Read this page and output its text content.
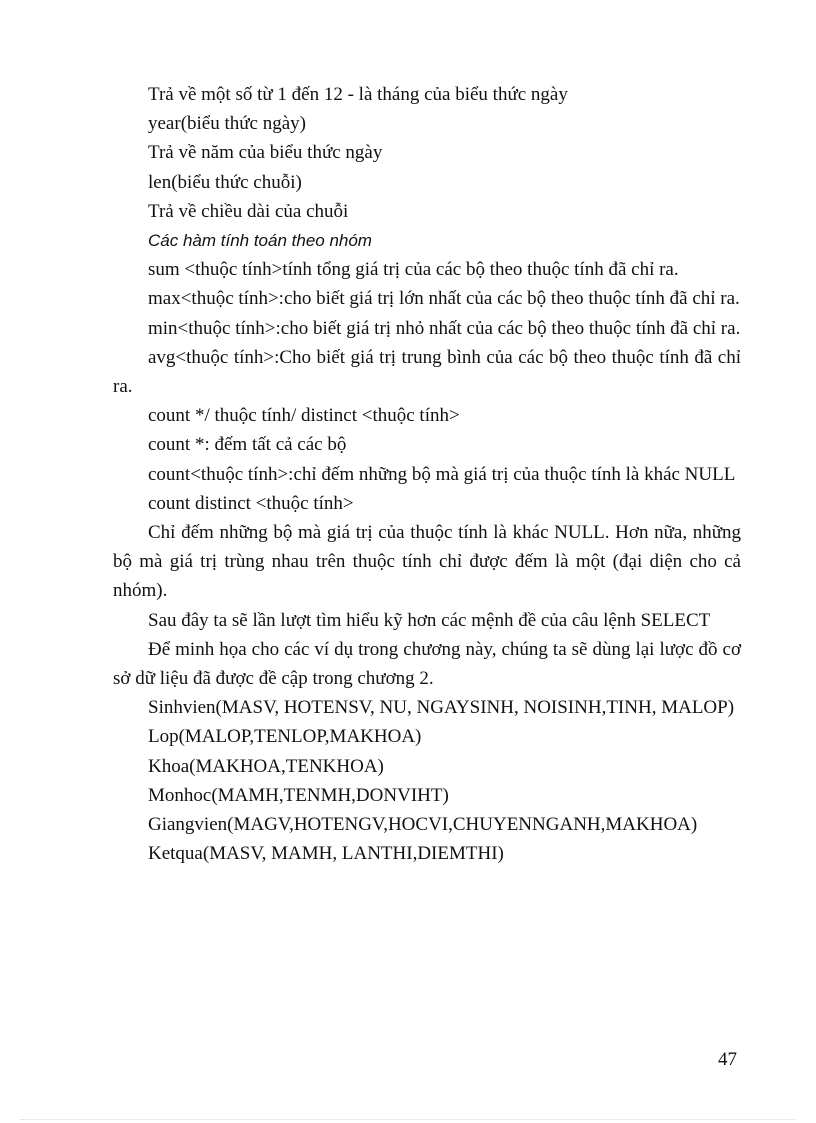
Trả về một số từ 1 đến 12 - là tháng của biểu thức ngày

year(biểu thức ngày)

Trả về năm của biểu thức ngày

len(biểu thức chuỗi)

Trả về chiều dài của chuỗi

Các hàm tính toán theo nhóm

sum <thuộc tính>tính tổng giá trị của các bộ theo thuộc tính đã chỉ ra.

max<thuộc tính>:cho biết giá trị lớn nhất của các bộ theo thuộc tính đã chỉ ra.

min<thuộc tính>:cho biết giá trị nhỏ nhất của các bộ theo thuộc tính đã chỉ ra.

avg<thuộc tính>:Cho biết giá trị trung bình của các bộ theo thuộc tính đã chỉ ra.

count */ thuộc tính/ distinct <thuộc tính>

count *: đếm tất cả các bộ

count<thuộc tính>:chỉ đếm những bộ mà giá trị của thuộc tính là khác NULL

count distinct <thuộc tính>

Chỉ đếm những bộ mà giá trị của thuộc tính là khác NULL. Hơn nữa, những bộ mà giá trị trùng nhau trên thuộc tính chỉ được đếm là một (đại diện cho cả nhóm).

Sau đây ta sẽ lần lượt tìm hiểu kỹ hơn các mệnh đề của câu lệnh SELECT

Để minh họa cho các ví dụ trong chương này, chúng ta sẽ dùng lại lược đồ cơ sở dữ liệu đã được đề cập trong chương 2.

Sinhvien(MASV, HOTENSV, NU, NGAYSINH, NOISINH,TINH, MALOP)

Lop(MALOP,TENLOP,MAKHOA)

Khoa(MAKHOA,TENKHOA)

Monhoc(MAMH,TENMH,DONVIHT)

Giangvien(MAGV,HOTENGV,HOCVI,CHUYENNGANH,MAKHOA)

Ketqua(MASV, MAMH, LANTHI,DIEMTHI)

47
